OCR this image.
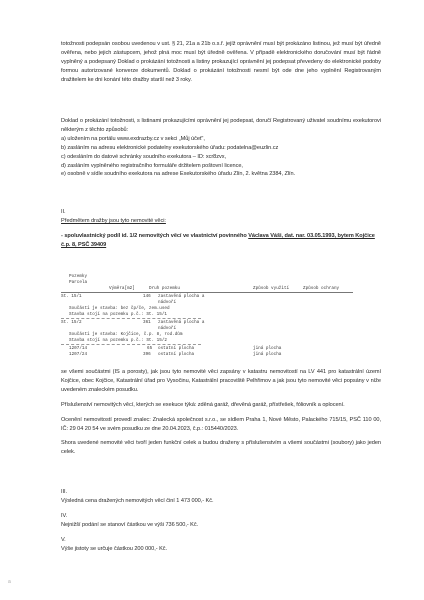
totožnosti podepsán osobou uvedenou v ust. § 21, 21a a 21b o.s.ř. jejíž oprávnění musí být prokázáno listinou, jež musí být úředně ověřena, nebo jejich zástupcem, jehož plná moc musí být úředně ověřena. V případě elektronického doručování musí být řádně vyplněný a podepsaný Doklad o prokázání totožnosti a listiny prokazující oprávnění jej podepsat převedeny do elektronické podoby formou autorizované konverze dokumentů. Doklad o prokázání totožnosti nesmí být ode dne jeho vyplnění Registrovaným dražitelem ke dni konání této dražby starší než 3 roky.

Doklad o prokázání totožnosti, s listinami prokazujícími oprávnění jej podepsat, doručí Registrovaný uživatel soudnímu exekutorovi některým z těchto způsobů:

a) uložením na portálu www.exdrazby.cz v sekci „Můj účet",

b) zasláním na adresu elektronické podatelny exekutorského úřadu: podatelna@euzlin.cz

c) odesláním do datové schránky soudního exekutora – ID: xcr8zvx,

d) zasláním vyplněného registračního formuláře držitelem poštovní licence,

e) osobně v sídle soudního exekutora na adrese Exekutorského úřadu Zlín, 2. května 2384, Zlín.

II.

Předmětem dražby jsou tyto nemovité věci:

- spoluvlastnický podíl id. 1/2 nemovitých věcí ve vlastnictví povinného Václava Váši, dat. nar. 03.05.1993, bytem Kojčice č.p. 8, PSČ 39409

Pozemky
Parcela
Výměra[m2]	Druh pozemku	Způsob využití	Způsob ochrany
St. 15/1	146 zastavěná plocha a
nádvoří
Součástí je stavba: bez čp/če, zem.used
Stavba stojí na pozemku p.č.: St. 15/1
St. 15/2	361 zastavěná plocha a
nádvoří
Součástí je stavba: Kojčice, č.p. 8, rod.dům
Stavba stojí na pozemku p.č.: St. 15/2
1207/14	65 ostatní plocha	jiná plocha
1207/24	396 ostatní plocha	jiná plocha

se všemi součástmi (IS a porosty), jak jsou tyto nemovité věci zapsány v katastru nemovitostí na LV 441 pro katastrální území Kojčice, obec Kojčice, Katastrální úřad pro Vysočinu, Katastrální pracoviště Pelhřimov a jak jsou tyto nemovité věci popsány v níže uvedeném znaleckém posudku.

Příslušenství nemovitých věcí, kterých se exekuce týká: zděná garáž, dřevěná garáž, přístřešek, fóliovník a oplocení.

Ocenění nemovitostí provedl znalec: Znalecká společnost s.r.o., se sídlem Praha 1, Nové Město, Palackého 715/15, PSČ 110 00, IČ: 29 04 20 54 ve svém posudku ze dne 20.04.2023, č.p.: 015440/2023.

Shora uvedené nemovité věci tvoří jeden funkční celek a budou draženy s příslušenstvím a všemi součástmi (soubory) jako jeden celek.

III.

Výsledná cena dražených nemovitých věcí činí 1 473 000,- Kč.

IV.

Nejnižší podání se stanoví částkou ve výši 736 500,- Kč.

V.

Výše jistoty se určuje částkou 200 000,- Kč.

a
